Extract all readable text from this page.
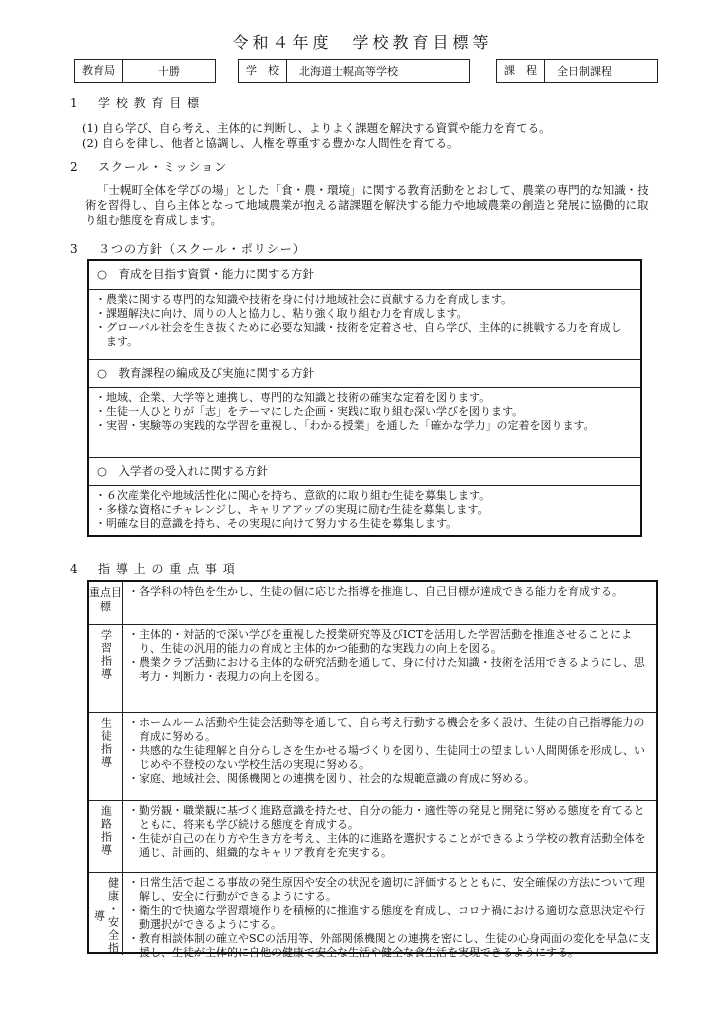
令和４年度　学校教育目標等
教育局	十勝	学　校	北海道士幌高等学校	課　程	全日制課程
1 学 校 教 育 目 標
(1) 自ら学び、自ら考え、主体的に判断し、よりよく課題を解決する資質や能力を育てる。
(2) 自らを律し、他者と協調し、人権を尊重する豊かな人間性を育てる。
2 スクール・ミッション
「士幌町全体を学びの場」とした「食・農・環境」に関する教育活動をとおして、農業の専門的な知識・技術を習得し、自ら主体となって地域農業が抱える諸課題を解決する能力や地域農業の創造と発展に協働的に取り組む態度を育成します。
3 ３つの方針（スクール・ポリシー）
○　育成を目指す資質・能力に関する方針
・農業に関する専門的な知識や技術を身に付け地域社会に貢献する力を育成します。
・課題解決に向け、周りの人と協力し、粘り強く取り組む力を育成します。
・グローバル社会を生き抜くために必要な知識・技術を定着させ、自ら学び、主体的に挑戦する力を育成します。
○　教育課程の編成及び実施に関する方針
・地域、企業、大学等と連携し、専門的な知識と技術の確実な定着を図ります。
・生徒一人ひとりが「志」をテーマにした企画・実践に取り組む深い学びを図ります。
・実習・実験等の実践的な学習を重視し、「わかる授業」を通した「確かな学力」の定着を図ります。
○　入学者の受入れに関する方針
・６次産業化や地域活性化に関心を持ち、意欲的に取り組む生徒を募集します。
・多様な資格にチャレンジし、キャリアアップの実現に励む生徒を募集します。
・明確な目的意識を持ち、その実現に向けて努力する生徒を募集します。
4 指 導 上 の 重 点 事 項
重点目標
・各学科の特色を生かし、生徒の個に応じた指導を推進し、自己目標が達成できる能力を育成する。
学習指導 ・主体的・対話的で深い学びを重視した授業研究等及びICTを活用した学習活動を推進させることにより、生徒の汎用的能力の育成と主体的かつ能動的な実践力の向上を図る。
・農業クラブ活動における主体的な研究活動を通して、身に付けた知識・技術を活用できるようにし、思考力・判断力・表現力の向上を図る。
生徒指導 ・ホームルーム活動や生徒会活動等を通して、自ら考え行動する機会を多く設け、生徒の自己指導能力の育成に努める。
・共感的な生徒理解と自分らしさを生かせる場づくりを図り、生徒同士の望ましい人間関係を形成し、いじめや不登校のない学校生活の実現に努める。
・家庭、地域社会、関係機関との連携を図り、社会的な規範意識の育成に努める。
進路指導 ・勤労観・職業観に基づく進路意識を持たせ、自分の能力・適性等の発見と開発に努める態度を育てるとともに、将来も学び続ける態度を育成する。
・生徒が自己の在り方や生き方を考え、主体的に進路を選択することができるよう学校の教育活動全体を通じ、計画的、組織的なキャリア教育を充実する。
健康・安全指導
・日常生活で起こる事故の発生原因や安全の状況を適切に評価するとともに、安全確保の方法について理解し、安全に行動ができるようにする。
・衛生的で快適な学習環境作りを積極的に推進する態度を育成し、コロナ禍における適切な意思決定や行動選択ができるようにする。
・教育相談体制の確立やSCの活用等、外部関係機関との連携を密にし、生徒の心身両面の変化を早急に支援し、生徒が主体的に自他の健康で安全な生活や健全な食生活を実現できるようにする。
